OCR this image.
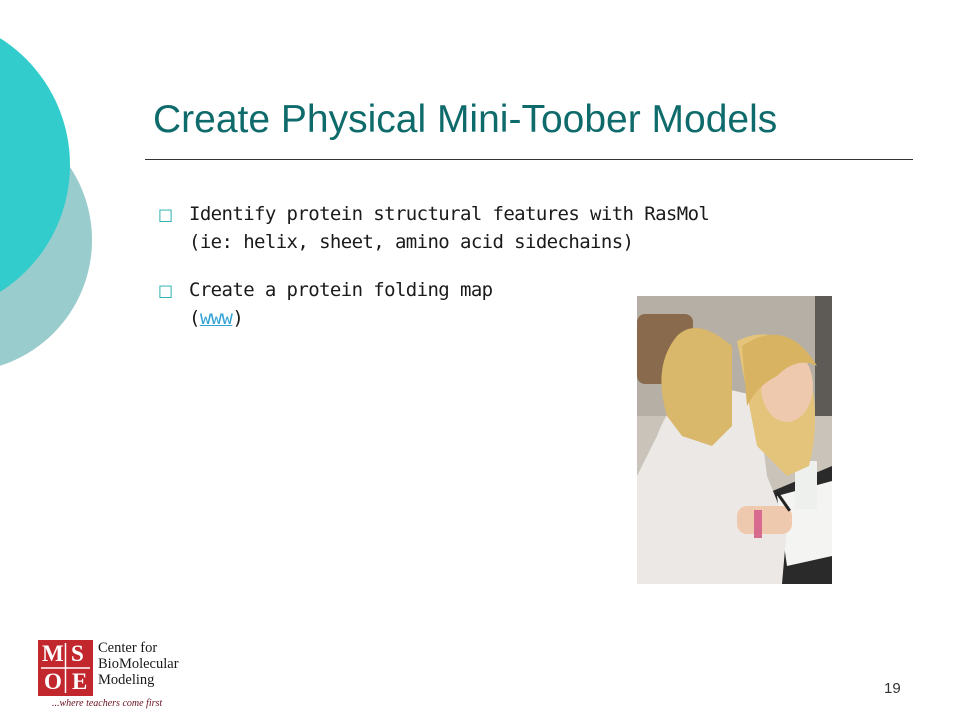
Create Physical Mini-Toober Models
□ Identify protein structural features with RasMol
(ie: helix, sheet, amino acid sidechains)
□ Create a protein folding map
(www)
M S
O E
Center for
BioMolecular
Modeling
...where teachers come first
19
